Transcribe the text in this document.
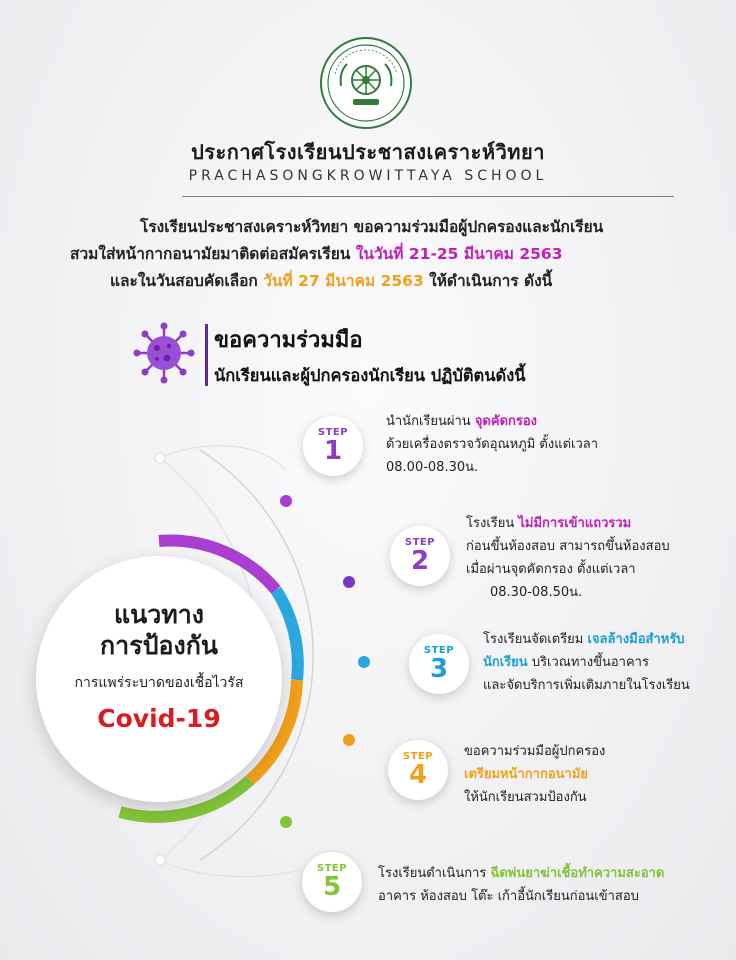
ประกาศโรงเรียนประชาสงเคราะห์วิทยา
PRACHASONGKROWITTAYA SCHOOL
โรงเรียนประชาสงเคราะห์วิทยา ขอความร่วมมือผู้ปกครองและนักเรียน
สวมใส่หน้ากากอนามัยมาติดต่อสมัครเรียน ในวันที่ 21-25 มีนาคม 2563
และในวันสอบคัดเลือก วันที่ 27 มีนาคม 2563 ให้ดำเนินการ ดังนี้
ขอความร่วมมือ
นักเรียนและผู้ปกครองนักเรียน ปฏิบัติตนดังนี้
แนวทาง
การป้องกัน
การแพร่ระบาดของเชื้อไวรัส
Covid-19
STEP
1
นำนักเรียนผ่าน จุดคัดกรอง
ด้วยเครื่องตรวจวัดอุณหภูมิ ตั้งแต่เวลา
08.00-08.30น.
STEP
2
โรงเรียน ไม่มีการเข้าแถวรวม
ก่อนขึ้นห้องสอบ สามารถขึ้นห้องสอบ
เมื่อผ่านจุดคัดกรอง ตั้งแต่เวลา
08.30-08.50น.
STEP
3
โรงเรียนจัดเตรียม เจลล้างมือสำหรับ
นักเรียน บริเวณทางขึ้นอาคาร
และจัดบริการเพิ่มเติมภายในโรงเรียน
STEP
4
ขอความร่วมมือผู้ปกครอง
เตรียมหน้ากากอนามัย
ให้นักเรียนสวมป้องกัน
STEP
5	โรงเรียนดำเนินการ ฉีดพ่นยาฆ่าเชื้อทำความสะอาด
อาคาร ห้องสอบ โต๊ะ เก้าอี้นักเรียนก่อนเข้าสอบ
